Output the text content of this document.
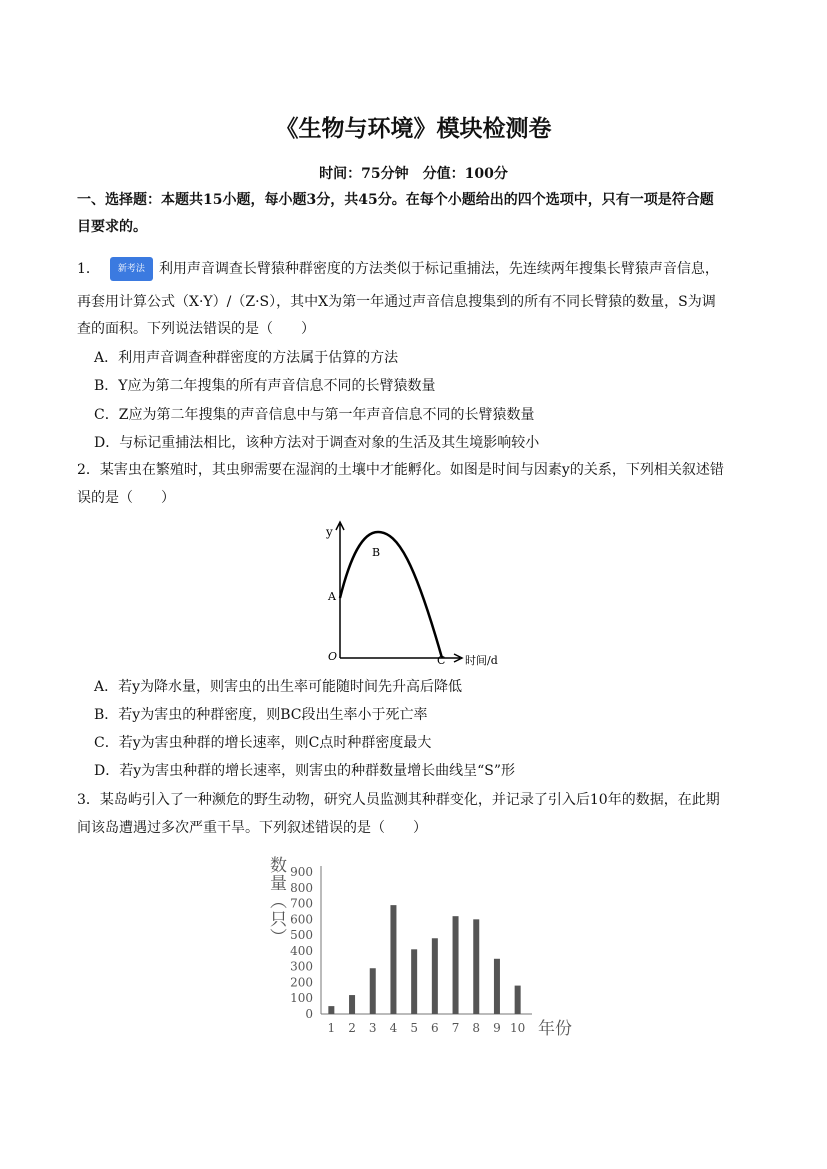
《生物与环境》模块检测卷
时间：75分钟　分值：100分
一、选择题：本题共15小题，每小题3分，共45分。在每个小题给出的四个选项中，只有一项是符合题
目要求的。
1． 新考法 利用声音调查长臂猿种群密度的方法类似于标记重捕法，先连续两年搜集长臂猿声音信息，
再套用计算公式（X·Y）/（Z·S），其中X为第一年通过声音信息搜集到的所有不同长臂猿的数量，S为调
查的面积。下列说法错误的是（　　）
A．利用声音调查种群密度的方法属于估算的方法
B．Y应为第二年搜集的所有声音信息不同的长臂猿数量
C．Z应为第二年搜集的声音信息中与第一年声音信息不同的长臂猿数量
D．与标记重捕法相比，该种方法对于调查对象的生活及其生境影响较小
2．某害虫在繁殖时，其虫卵需要在湿润的土壤中才能孵化。如图是时间与因素y的关系，下列相关叙述错
误的是（　　）
y
A
B
C
O	时间/d
A．若y为降水量，则害虫的出生率可能随时间先升高后降低
B．若y为害虫的种群密度，则BC段出生率小于死亡率
C．若y为害虫种群的增长速率，则C点时种群密度最大
D．若y为害虫种群的增长速率，则害虫的种群数量增长曲线呈“S”形
3．某岛屿引入了一种濒危的野生动物，研究人员监测其种群变化，并记录了引入后10年的数据，在此期
间该岛遭遇过多次严重干旱。下列叙述错误的是（　　）
0
100
200
300
400
500
600
700
800
900
1 2 3 4 5 6 7 8 9 10 年份
数量（只）
